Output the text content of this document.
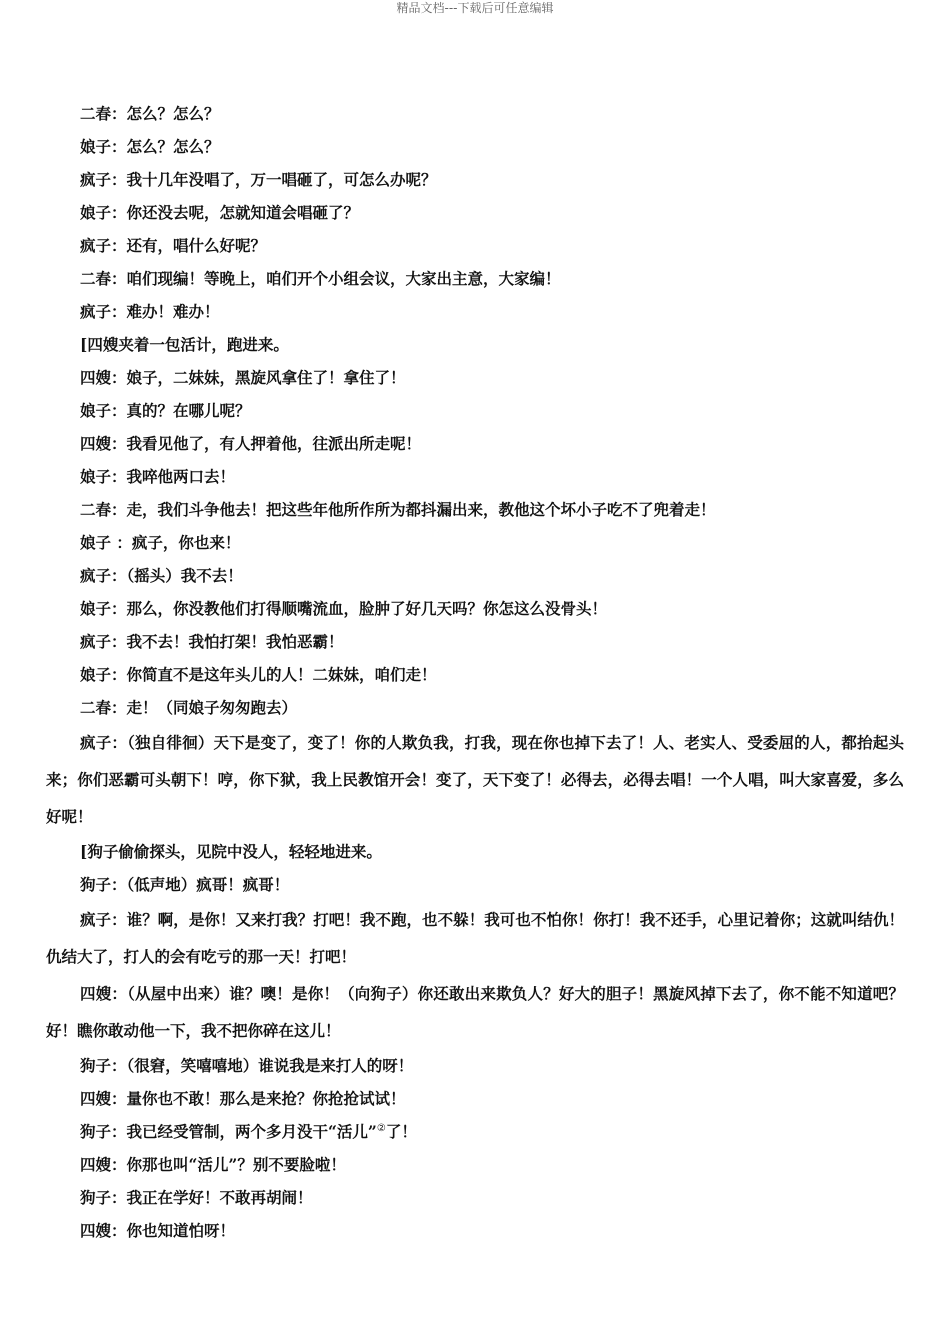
精品文档---下载后可任意编辑
二春：怎么？怎么？
娘子：怎么？怎么？
疯子：我十几年没唱了，万一唱砸了，可怎么办呢？
娘子：你还没去呢，怎就知道会唱砸了？
疯子：还有，唱什么好呢？
二春：咱们现编！等晚上，咱们开个小组会议，大家出主意，大家编！
疯子：难办！难办！
[四嫂夹着一包活计，跑进来。
四嫂：娘子，二妹妹，黑旋风拿住了！拿住了！
娘子：真的？在哪儿呢？
四嫂：我看见他了，有人押着他，往派出所走呢！
娘子：我啐他两口去！
二春：走，我们斗争他去！把这些年他所作所为都抖漏出来，教他这个坏小子吃不了兜着走！
娘子 ：疯子，你也来！
疯子：（摇头）我不去！
娘子：那么，你没教他们打得顺嘴流血，脸肿了好几天吗？你怎这么没骨头！
疯子：我不去！我怕打架！我怕恶霸！
娘子：你简直不是这年头儿的人！二妹妹，咱们走！
二春：走！（同娘子匆匆跑去）
疯子：（独自徘徊）天下是变了，变了！你的人欺负我，打我，现在你也掉下去了！人、老实人、受委屈的人，都抬起头来；你们恶霸可头朝下！哼，你下狱，我上民教馆开会！变了，天下变了！必得去，必得去唱！一个人唱，叫大家喜爱，多么好呢！
[狗子偷偷探头，见院中没人，轻轻地进来。
狗子：（低声地）疯哥！疯哥！
疯子：谁？啊，是你！又来打我？打吧！我不跑，也不躲！我可也不怕你！你打！我不还手，心里记着你；这就叫结仇！仇结大了，打人的会有吃亏的那一天！打吧！
四嫂：（从屋中出来）谁？噢！是你！（向狗子）你还敢出来欺负人？好大的胆子！黑旋风掉下去了，你不能不知道吧？好！瞧你敢动他一下，我不把你碎在这儿！
狗子：（很窘，笑嘻嘻地）谁说我是来打人的呀！
四嫂：量你也不敢！那么是来抢？你抢抢试试！
狗子：我已经受管制，两个多月没干“活儿”②了！
四嫂：你那也叫“活儿”？别不要脸啦！
狗子：我正在学好！不敢再胡闹！
四嫂：你也知道怕呀！
